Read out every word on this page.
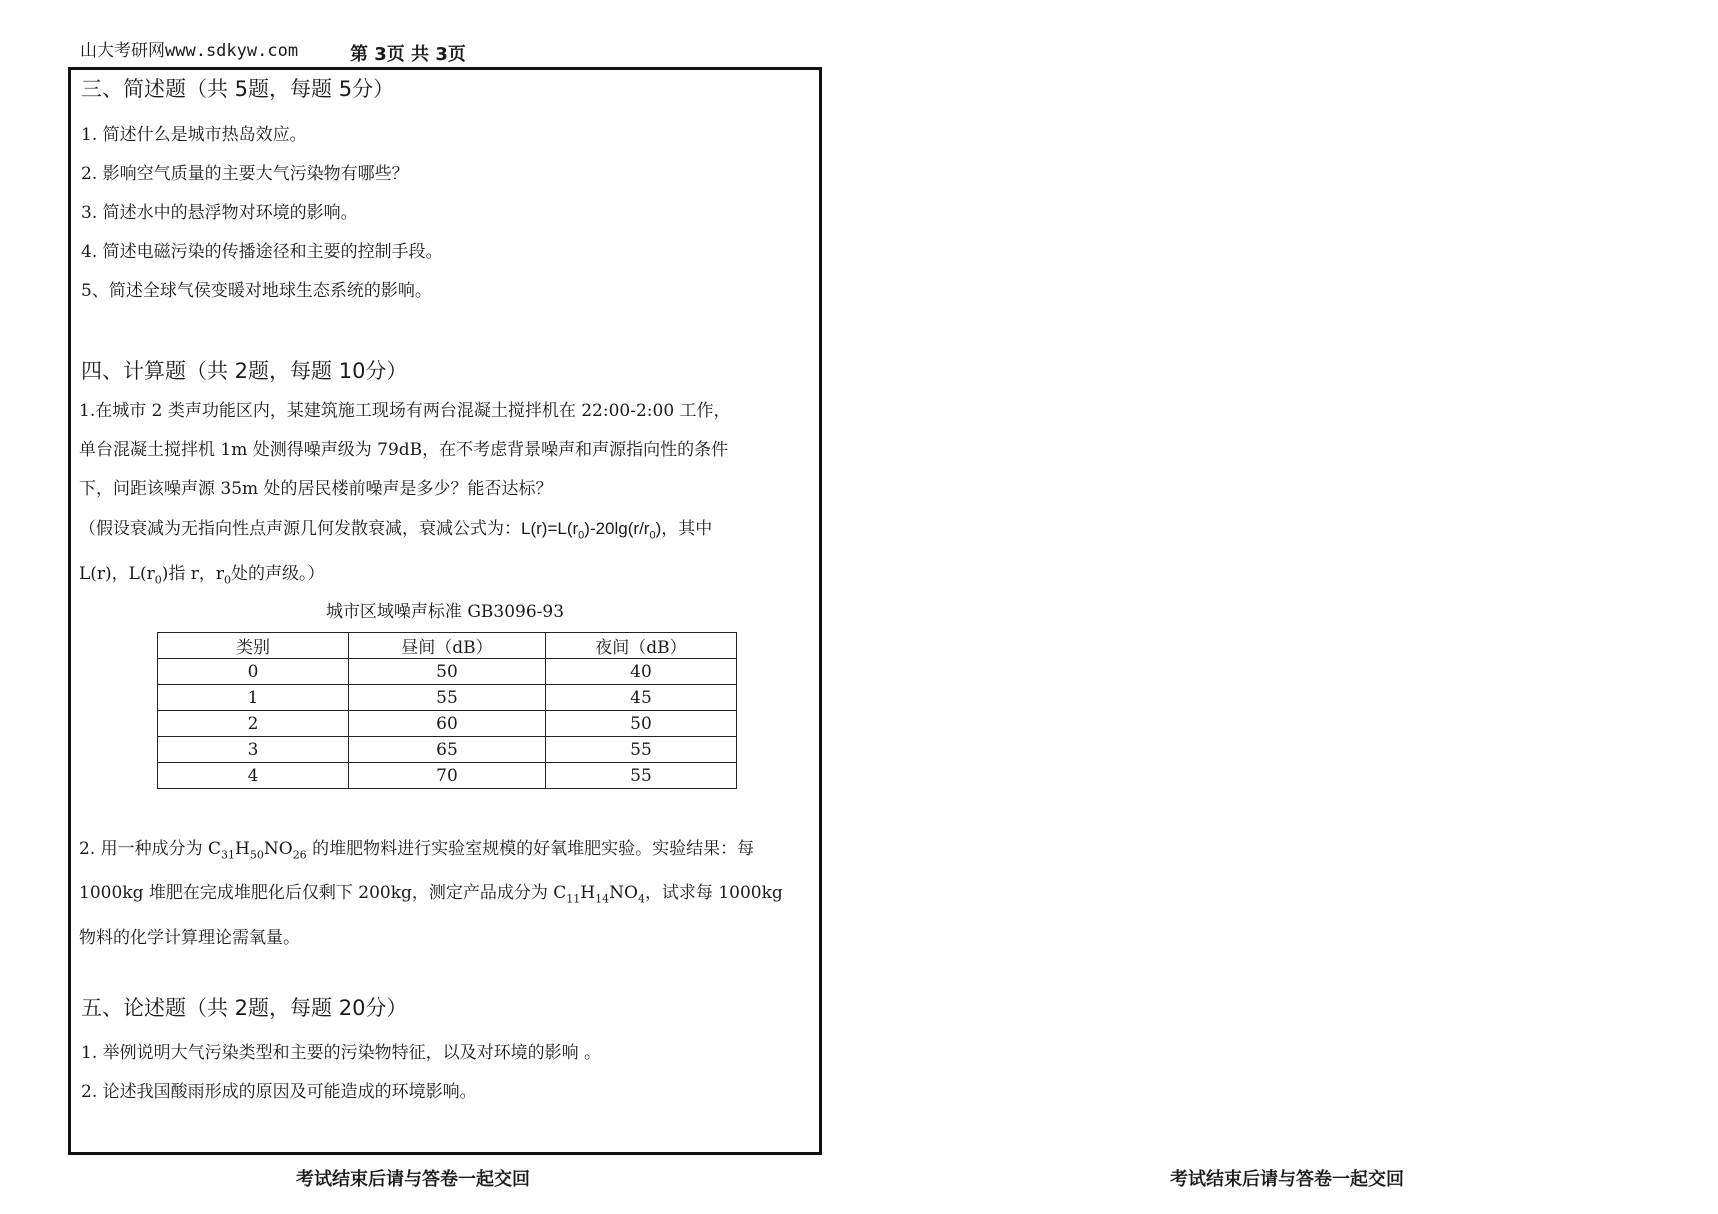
山大考研网www.sdkyw.com	第 3页 共 3页
三、简述题（共 5题，每题 5分）
1. 简述什么是城市热岛效应。
2. 影响空气质量的主要大气污染物有哪些？
3. 简述水中的悬浮物对环境的影响。
4. 简述电磁污染的传播途径和主要的控制手段。
5、简述全球气侯变暖对地球生态系统的影响。
四、计算题（共 2题，每题 10分）
1.在城市 2 类声功能区内，某建筑施工现场有两台混凝土搅拌机在 22:00-2:00 工作，
单台混凝土搅拌机 1m 处测得噪声级为 79dB，在不考虑背景噪声和声源指向性的条件
下，问距该噪声源 35m 处的居民楼前噪声是多少？能否达标？
（假设衰减为无指向性点声源几何发散衰减，衰减公式为：$L(r)=L(r_0)-20\lg(r/r_0)$，其中
L(r)，$L(r_0)$指 r，$r_0$处的声级。）
城市区域噪声标准 GB3096-93
类别	昼间（dB）	夜间（dB）
0	50	40
1	55	45
2	60	50
3	65	55
4	70	55
2. 用一种成分为 $C_{31}H_{50}NO_{26}$ 的堆肥物料进行实验室规模的好氧堆肥实验。实验结果：每
1000kg 堆肥在完成堆肥化后仅剩下 200kg，测定产品成分为 $C_{11}H_{14}NO_4$，试求每 1000kg
物料的化学计算理论需氧量。
五、论述题（共 2题，每题 20分）
1. 举例说明大气污染类型和主要的污染物特征，以及对环境的影响 。
2. 论述我国酸雨形成的原因及可能造成的环境影响。
考试结束后请与答卷一起交回	考试结束后请与答卷一起交回
